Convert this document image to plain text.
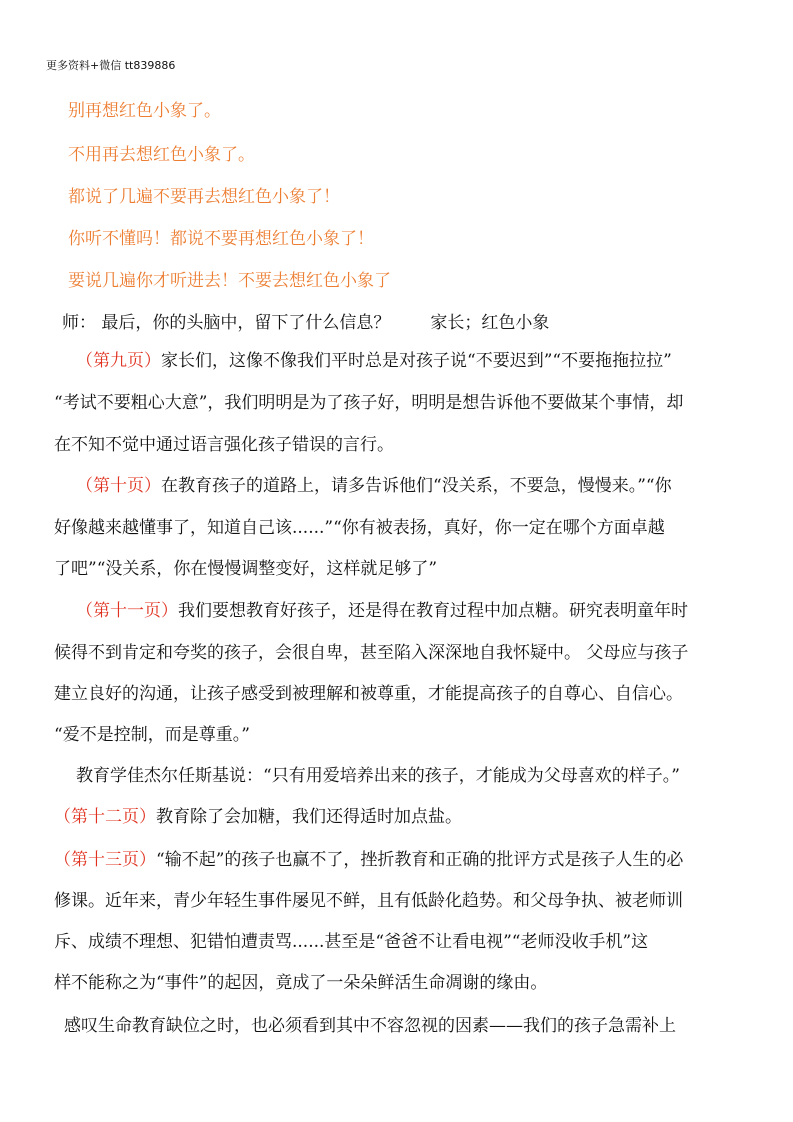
更多资料+微信 tt839886
别再想红色小象了。
不用再去想红色小象了。
都说了几遍不要再去想红色小象了！
你听不懂吗！都说不要再想红色小象了！
要说几遍你才听进去！不要去想红色小象了
师： 最后，你的头脑中，留下了什么信息？ 家长；红色小象
（第九页）家长们，这像不像我们平时总是对孩子说“不要迟到”“不要拖拖拉拉”
“考试不要粗心大意”，我们明明是为了孩子好，明明是想告诉他不要做某个事情，却
在不知不觉中通过语言强化孩子错误的言行。
（第十页）在教育孩子的道路上，请多告诉他们“没关系，不要急，慢慢来。”“你
好像越来越懂事了，知道自己该......”“你有被表扬，真好，你一定在哪个方面卓越
了吧”“没关系，你在慢慢调整变好，这样就足够了”
（第十一页）我们要想教育好孩子，还是得在教育过程中加点糖。研究表明童年时
候得不到肯定和夸奖的孩子，会很自卑，甚至陷入深深地自我怀疑中。 父母应与孩子
建立良好的沟通，让孩子感受到被理解和被尊重，才能提高孩子的自尊心、自信心。
“爱不是控制，而是尊重。”
教育学佳杰尔任斯基说：“只有用爱培养出来的孩子，才能成为父母喜欢的样子。”
（第十二页）教育除了会加糖，我们还得适时加点盐。
（第十三页）“输不起”的孩子也赢不了，挫折教育和正确的批评方式是孩子人生的必
修课。近年来，青少年轻生事件屡见不鲜，且有低龄化趋势。和父母争执、被老师训
斥、成绩不理想、犯错怕遭责骂......甚至是“爸爸不让看电视”“老师没收手机”这
样不能称之为“事件”的起因，竟成了一朵朵鲜活生命凋谢的缘由。
感叹生命教育缺位之时，也必须看到其中不容忽视的因素——我们的孩子急需补上
